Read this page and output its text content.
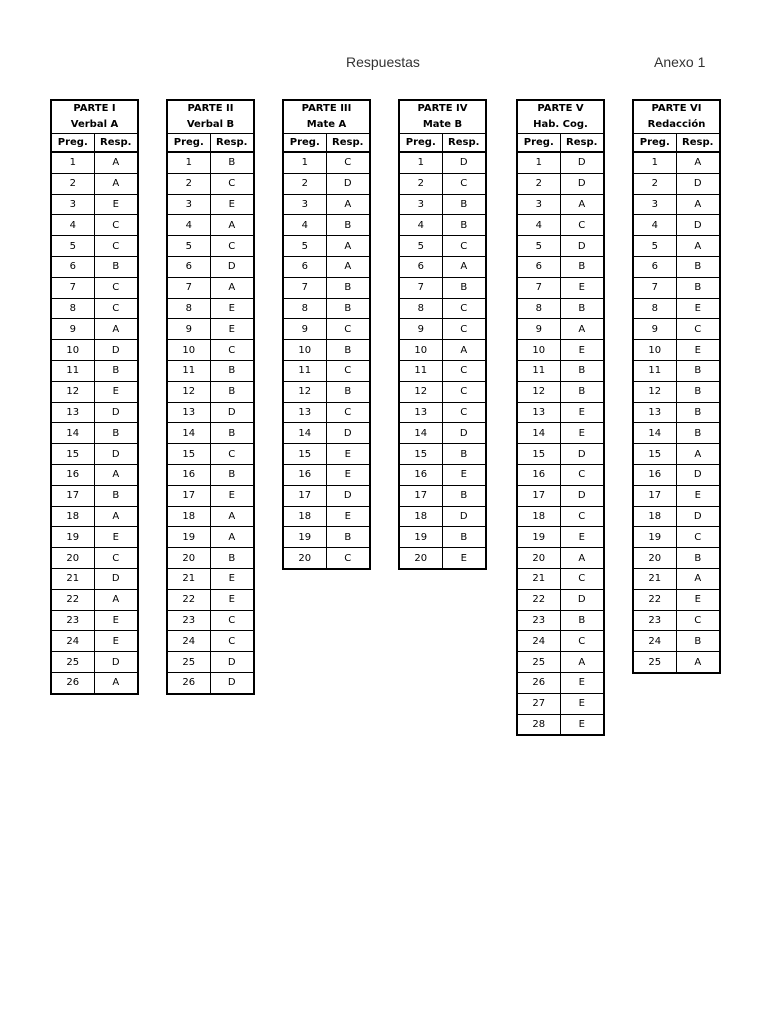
Respuestas	Anexo 1
PARTE I	
Verbal A	
Preg.	Resp.
1	A
2	A
3	E
4	C
5	C
6	B
7	C
8	C
9	A
10	D
11	B
12	E
13	D
14	B
15	D
16	A
17	B
18	A
19	E
20	C
21	D
22	A
23	E
24	E
25	D
26	A
PARTE II	
Verbal B	
Preg.	Resp.
1	B
2	C
3	E
4	A
5	C
6	D
7	A
8	E
9	E
10	C
11	B
12	B
13	D
14	B
15	C
16	B
17	E
18	A
19	A
20	B
21	E
22	E
23	C
24	C
25	D
26	D
PARTE III	
Mate A	
Preg.	Resp.
1	C
2	D
3	A
4	B
5	A
6	A
7	B
8	B
9	C
10	B
11	C
12	B
13	C
14	D
15	E
16	E
17	D
18	E
19	B
20	C
PARTE IV	
Mate B	
Preg.	Resp.
1	D
2	C
3	B
4	B
5	C
6	A
7	B
8	C
9	C
10	A
11	C
12	C
13	C
14	D
15	B
16	E
17	B
18	D
19	B
20	E
PARTE V	
Hab. Cog.	
Preg.	Resp.
1	D
2	D
3	A
4	C
5	D
6	B
7	E
8	B
9	A
10	E
11	B
12	B
13	E
14	E
15	D
16	C
17	D
18	C
19	E
20	A
21	C
22	D
23	B
24	C
25	A
26	E
27	E
28	E
PARTE VI	
Redacción	
Preg.	Resp.
1	A
2	D
3	A
4	D
5	A
6	B
7	B
8	E
9	C
10	E
11	B
12	B
13	B
14	B
15	A
16	D
17	E
18	D
19	C
20	B
21	A
22	E
23	C
24	B
25	A
